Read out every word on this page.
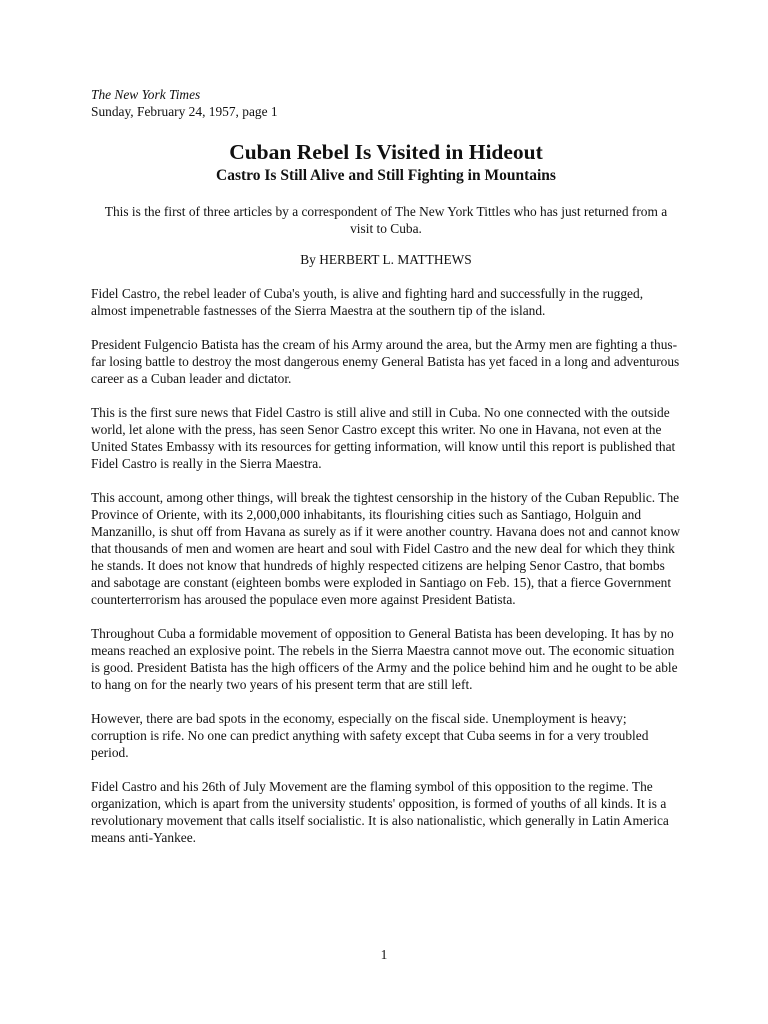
The New York Times

Sunday, February 24, 1957, page 1

Cuban Rebel Is Visited in Hideout
Castro Is Still Alive and Still Fighting in Mountains

This is the first of three articles by a correspondent of The New York Tittles who has just returned from a visit to Cuba.

By HERBERT L. MATTHEWS

Fidel Castro, the rebel leader of Cuba's youth, is alive and fighting hard and successfully in the rugged, almost impenetrable fastnesses of the Sierra Maestra at the southern tip of the island.

President Fulgencio Batista has the cream of his Army around the area, but the Army men are fighting a thus-far losing battle to destroy the most dangerous enemy General Batista has yet faced in a long and adventurous career as a Cuban leader and dictator.

This is the first sure news that Fidel Castro is still alive and still in Cuba. No one connected with the outside world, let alone with the press, has seen Senor Castro except this writer. No one in Havana, not even at the United States Embassy with its resources for getting information, will know until this report is published that Fidel Castro is really in the Sierra Maestra.

This account, among other things, will break the tightest censorship in the history of the Cuban Republic. The Province of Oriente, with its 2,000,000 inhabitants, its flourishing cities such as Santiago, Holguin and Manzanillo, is shut off from Havana as surely as if it were another country. Havana does not and cannot know that thousands of men and women are heart and soul with Fidel Castro and the new deal for which they think he stands. It does not know that hundreds of highly respected citizens are helping Senor Castro, that bombs and sabotage are constant (eighteen bombs were exploded in Santiago on Feb. 15), that a fierce Government counterterrorism has aroused the populace even more against President Batista.

Throughout Cuba a formidable movement of opposition to General Batista has been developing. It has by no means reached an explosive point. The rebels in the Sierra Maestra cannot move out. The economic situation is good. President Batista has the high officers of the Army and the police behind him and he ought to be able to hang on for the nearly two years of his present term that are still left.

However, there are bad spots in the economy, especially on the fiscal side. Unemployment is heavy; corruption is rife. No one can predict anything with safety except that Cuba seems in for a very troubled period.

Fidel Castro and his 26th of July Movement are the flaming symbol of this opposition to the regime. The organization, which is apart from the university students' opposition, is formed of youths of all kinds. It is a revolutionary movement that calls itself socialistic. It is also nationalistic, which generally in Latin America means anti-Yankee.

1
